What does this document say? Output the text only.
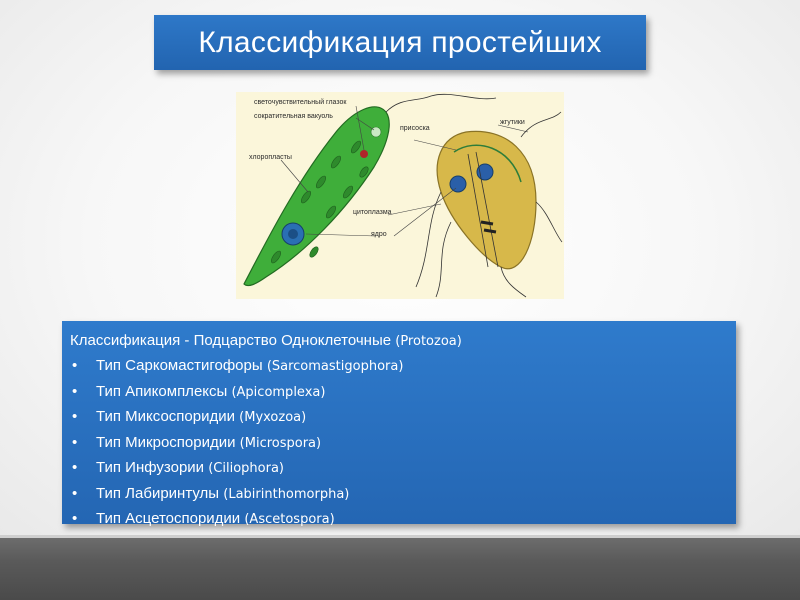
Классификация простейших
светочувствительный глазок
сократительная вакуоль
хлоропласты
присоска
жгутики
цитоплазма
ядро
Классификация - Подцарство Одноклеточные (Protozoa)
• Тип Саркомастигофоры (Sarcomastigophora)
• Тип Апикомплексы (Apicomplexa)
• Тип Миксоспоридии (Myxozoa)
• Тип Микроспоридии (Microspora)
• Тип Инфузории (Ciliophora)
• Тип Лабиринтулы (Labirinthomorpha)
• Тип Асцетоспоридии (Ascetospora)
